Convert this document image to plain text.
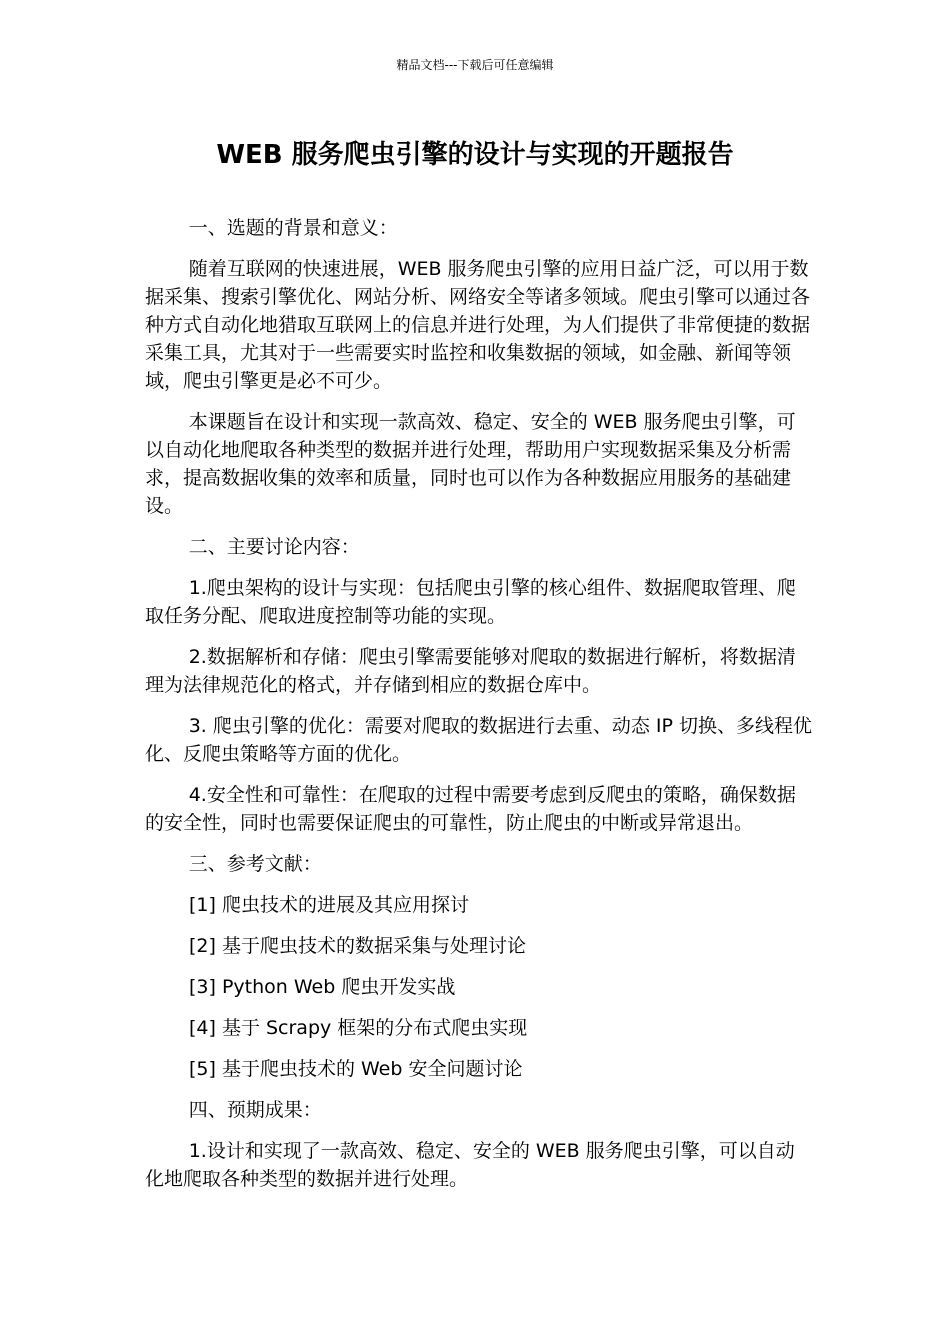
精品文档---下载后可任意编辑
WEB 服务爬虫引擎的设计与实现的开题报告

一、选题的背景和意义：

随着互联网的快速进展，WEB 服务爬虫引擎的应用日益广泛，可以用于数据采集、搜索引擎优化、网站分析、网络安全等诸多领域。爬虫引擎可以通过各种方式自动化地猎取互联网上的信息并进行处理，为人们提供了非常便捷的数据采集工具，尤其对于一些需要实时监控和收集数据的领域，如金融、新闻等领域，爬虫引擎更是必不可少。

本课题旨在设计和实现一款高效、稳定、安全的 WEB 服务爬虫引擎，可以自动化地爬取各种类型的数据并进行处理，帮助用户实现数据采集及分析需求，提高数据收集的效率和质量，同时也可以作为各种数据应用服务的基础建设。

二、主要讨论内容：

1.爬虫架构的设计与实现：包括爬虫引擎的核心组件、数据爬取管理、爬取任务分配、爬取进度控制等功能的实现。

2.数据解析和存储：爬虫引擎需要能够对爬取的数据进行解析，将数据清理为法律规范化的格式，并存储到相应的数据仓库中。

3. 爬虫引擎的优化：需要对爬取的数据进行去重、动态 IP 切换、多线程优化、反爬虫策略等方面的优化。

4.安全性和可靠性：在爬取的过程中需要考虑到反爬虫的策略，确保数据的安全性，同时也需要保证爬虫的可靠性，防止爬虫的中断或异常退出。

三、参考文献：

[1] 爬虫技术的进展及其应用探讨

[2] 基于爬虫技术的数据采集与处理讨论

[3] Python Web 爬虫开发实战

[4] 基于 Scrapy 框架的分布式爬虫实现

[5] 基于爬虫技术的 Web 安全问题讨论

四、预期成果：

1.设计和实现了一款高效、稳定、安全的 WEB 服务爬虫引擎，可以自动化地爬取各种类型的数据并进行处理。
